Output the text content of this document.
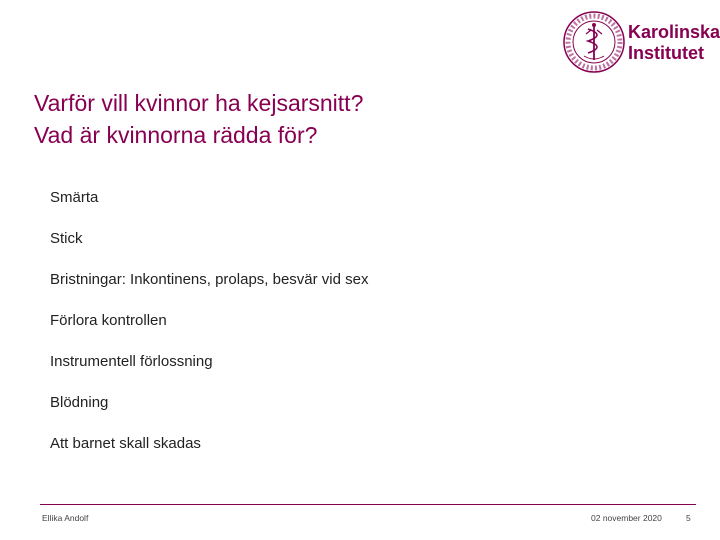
Karolinska
Institutet
Varför vill kvinnor ha kejsarsnitt?
Vad är kvinnorna rädda för?
Smärta
Stick
Bristningar: Inkontinens, prolaps, besvär vid sex
Förlora kontrollen
Instrumentell förlossning
Blödning
Att barnet skall skadas
Ellika Andolf	02 november 2020	5
